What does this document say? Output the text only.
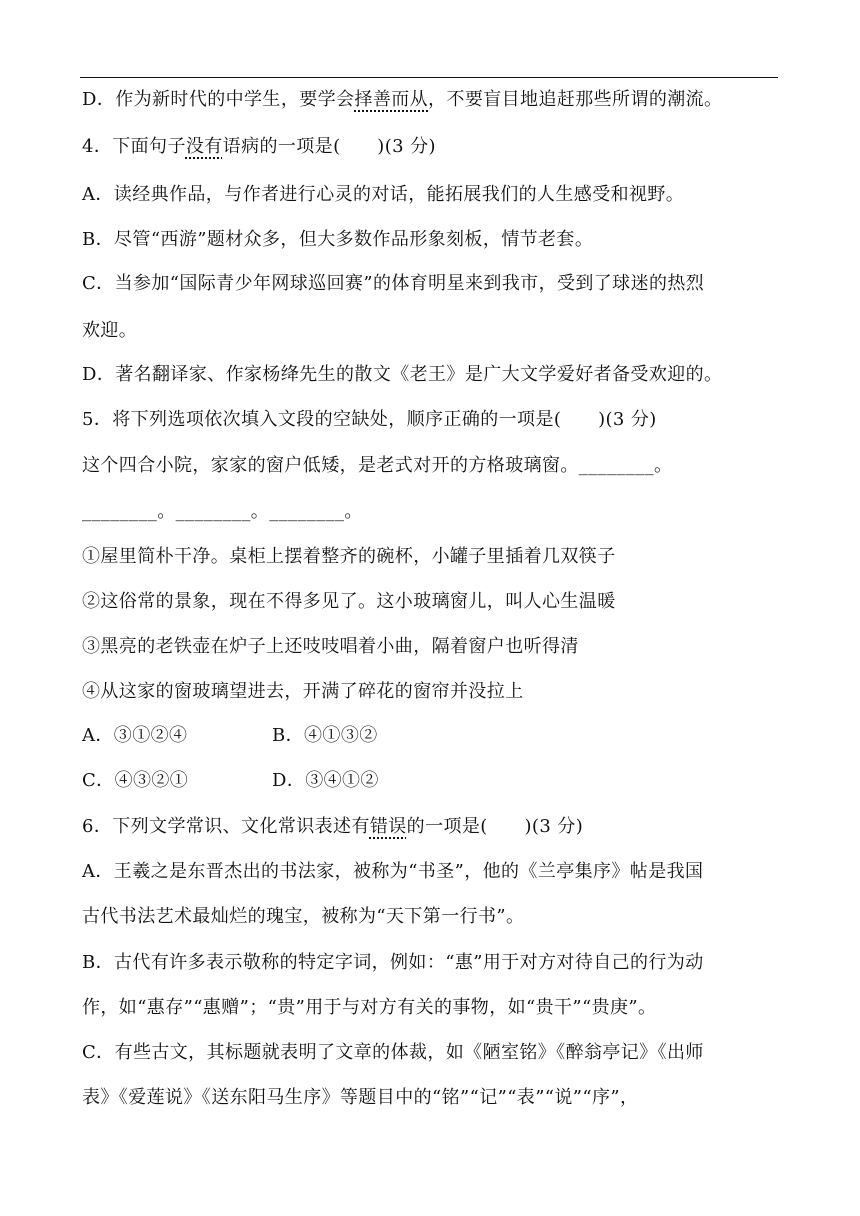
D．作为新时代的中学生，要学会择善而从，不要盲目地追赶那些所谓的潮流。
4．下面句子没有语病的一项是(　　)(3 分)
A．读经典作品，与作者进行心灵的对话，能拓展我们的人生感受和视野。
B．尽管“西游”题材众多，但大多数作品形象刻板，情节老套。
C．当参加“国际青少年网球巡回赛”的体育明星来到我市，受到了球迷的热烈
欢迎。
D．著名翻译家、作家杨绛先生的散文《老王》是广大文学爱好者备受欢迎的。
5．将下列选项依次填入文段的空缺处，顺序正确的一项是(　　)(3 分)
这个四合小院，家家的窗户低矮，是老式对开的方格玻璃窗。________。
________。________。________。
①屋里简朴干净。桌柜上摆着整齐的碗杯，小罐子里插着几双筷子
②这俗常的景象，现在不得多见了。这小玻璃窗儿，叫人心生温暖
③黑亮的老铁壶在炉子上还吱吱唱着小曲，隔着窗户也听得清
④从这家的窗玻璃望进去，开满了碎花的窗帘并没拉上
6．下列文学常识、文化常识表述有错误的一项是(　　)(3 分)
A．王羲之是东晋杰出的书法家，被称为“书圣”，他的《兰亭集序》帖是我国
古代书法艺术最灿烂的瑰宝，被称为“天下第一行书”。
B．古代有许多表示敬称的特定字词，例如：“惠”用于对方对待自己的行为动
作，如“惠存”“惠赠”；“贵”用于与对方有关的事物，如“贵干”“贵庚”。
C．有些古文，其标题就表明了文章的体裁，如《陋室铭》《醉翁亭记》《出师
表》《爱莲说》《送东阳马生序》等题目中的“铭”“记”“表”“说”“序”，
A．③①②④	B．④①③②
C．④③②①	D．③④①②
